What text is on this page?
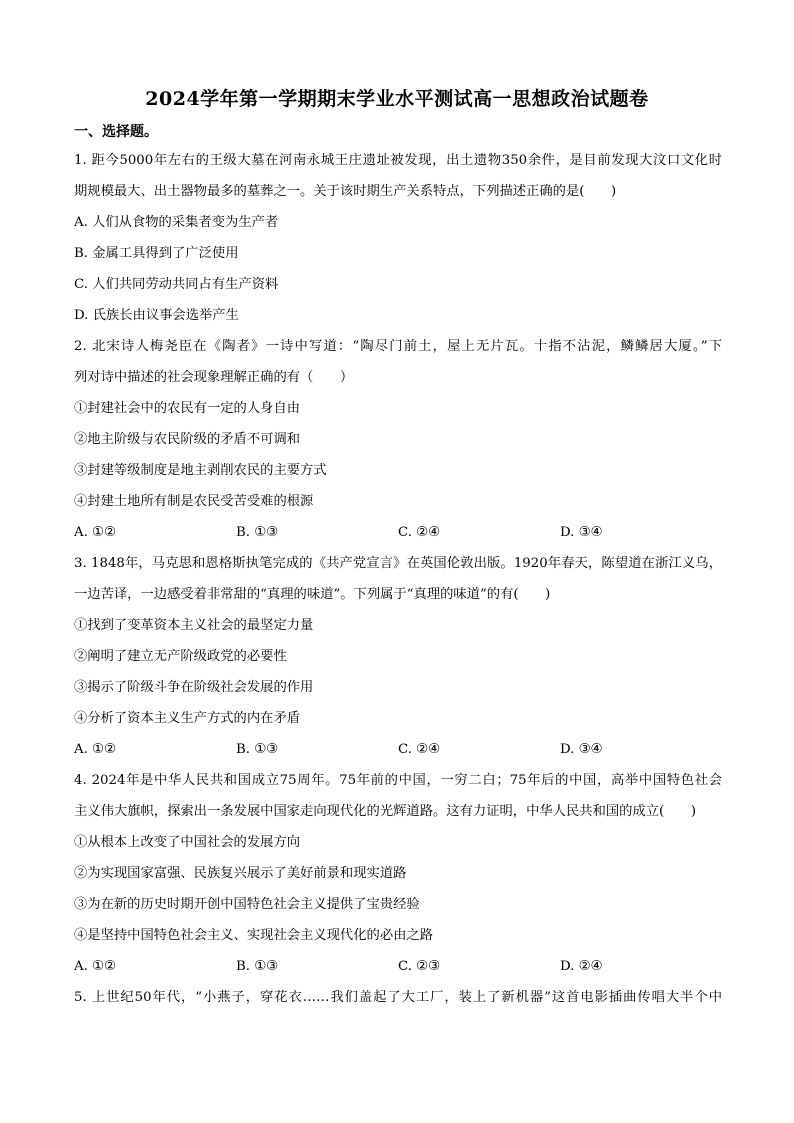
2024学年第一学期期末学业水平测试高一思想政治试题卷
一、选择题。
1. 距今5000年左右的王级大墓在河南永城王庄遗址被发现，出土遗物350余件，是目前发现大汶口文化时
期规模最大、出土器物最多的墓葬之一。关于该时期生产关系特点，下列描述正确的是(　　)
A. 人们从食物的采集者变为生产者
B. 金属工具得到了广泛使用
C. 人们共同劳动共同占有生产资料
D. 氏族长由议事会选举产生
2. 北宋诗人梅尧臣在《陶者》一诗中写道：“陶尽门前土，屋上无片瓦。十指不沾泥，鳞鳞居大厦。”下
列对诗中描述的社会现象理解正确的有（　　）
①封建社会中的农民有一定的人身自由
②地主阶级与农民阶级的矛盾不可调和
③封建等级制度是地主剥削农民的主要方式
④封建土地所有制是农民受苦受难的根源
A. ①②	B. ①③	C. ②④	D. ③④
3. 1848年，马克思和恩格斯执笔完成的《共产党宣言》在英国伦敦出版。1920年春天，陈望道在浙江义乌，
一边苦译，一边感受着非常甜的“真理的味道”。下列属于“真理的味道”的有(　　)
①找到了变革资本主义社会的最坚定力量
②阐明了建立无产阶级政党的必要性
③揭示了阶级斗争在阶级社会发展的作用
④分析了资本主义生产方式的内在矛盾
A. ①②	B. ①③	C. ②④	D. ③④
4. 2024年是中华人民共和国成立75周年。75年前的中国，一穷二白；75年后的中国，高举中国特色社会
主义伟大旗帜，探索出一条发展中国家走向现代化的光辉道路。这有力证明，中华人民共和国的成立(　　)
①从根本上改变了中国社会的发展方向
②为实现国家富强、民族复兴展示了美好前景和现实道路
③为在新的历史时期开创中国特色社会主义提供了宝贵经验
④是坚持中国特色社会主义、实现社会主义现代化的必由之路
A. ①②	B. ①③	C. ②③	D. ②④
5. 上世纪50年代，“小燕子，穿花衣……我们盖起了大工厂，装上了新机器”这首电影插曲传唱大半个中
